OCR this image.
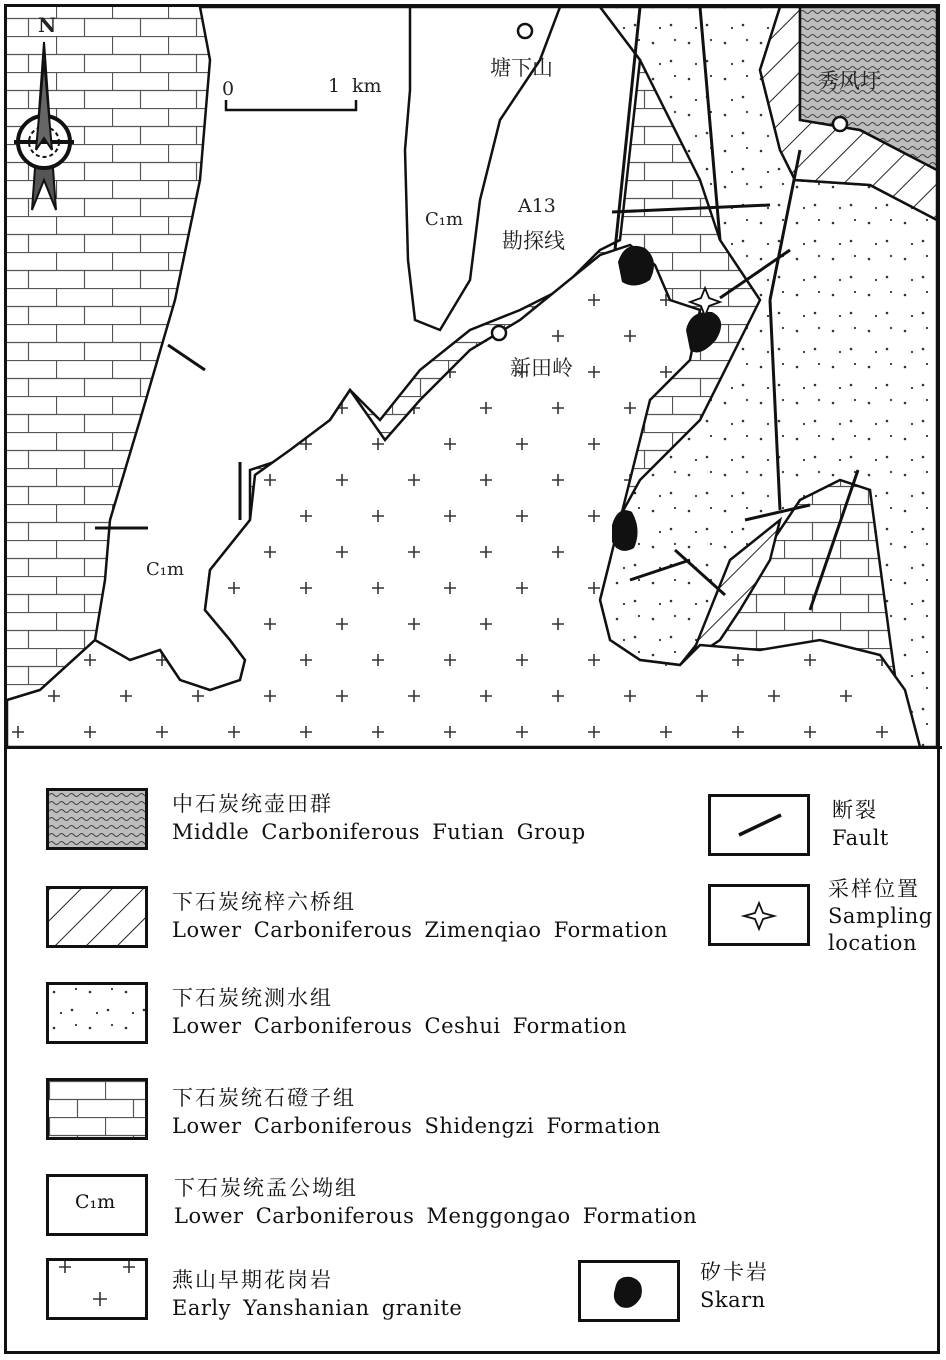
塘下山
秀风圩
新田岭
A13
勘探线
C₁m
C₁m
0	1 km
N
中石炭统壶田群
Middle Carboniferous Futian Group
下石炭统梓六桥组
Lower Carboniferous Zimenqiao Formation
下石炭统测水组
Lower Carboniferous Ceshui Formation
下石炭统石磴子组
Lower Carboniferous Shidengzi Formation
C₁m
下石炭统孟公坳组
Lower Carboniferous Menggongao Formation
燕山早期花岗岩
Early Yanshanian granite
断裂
Fault
采样位置
Sampling
location
矽卡岩
Skarn
